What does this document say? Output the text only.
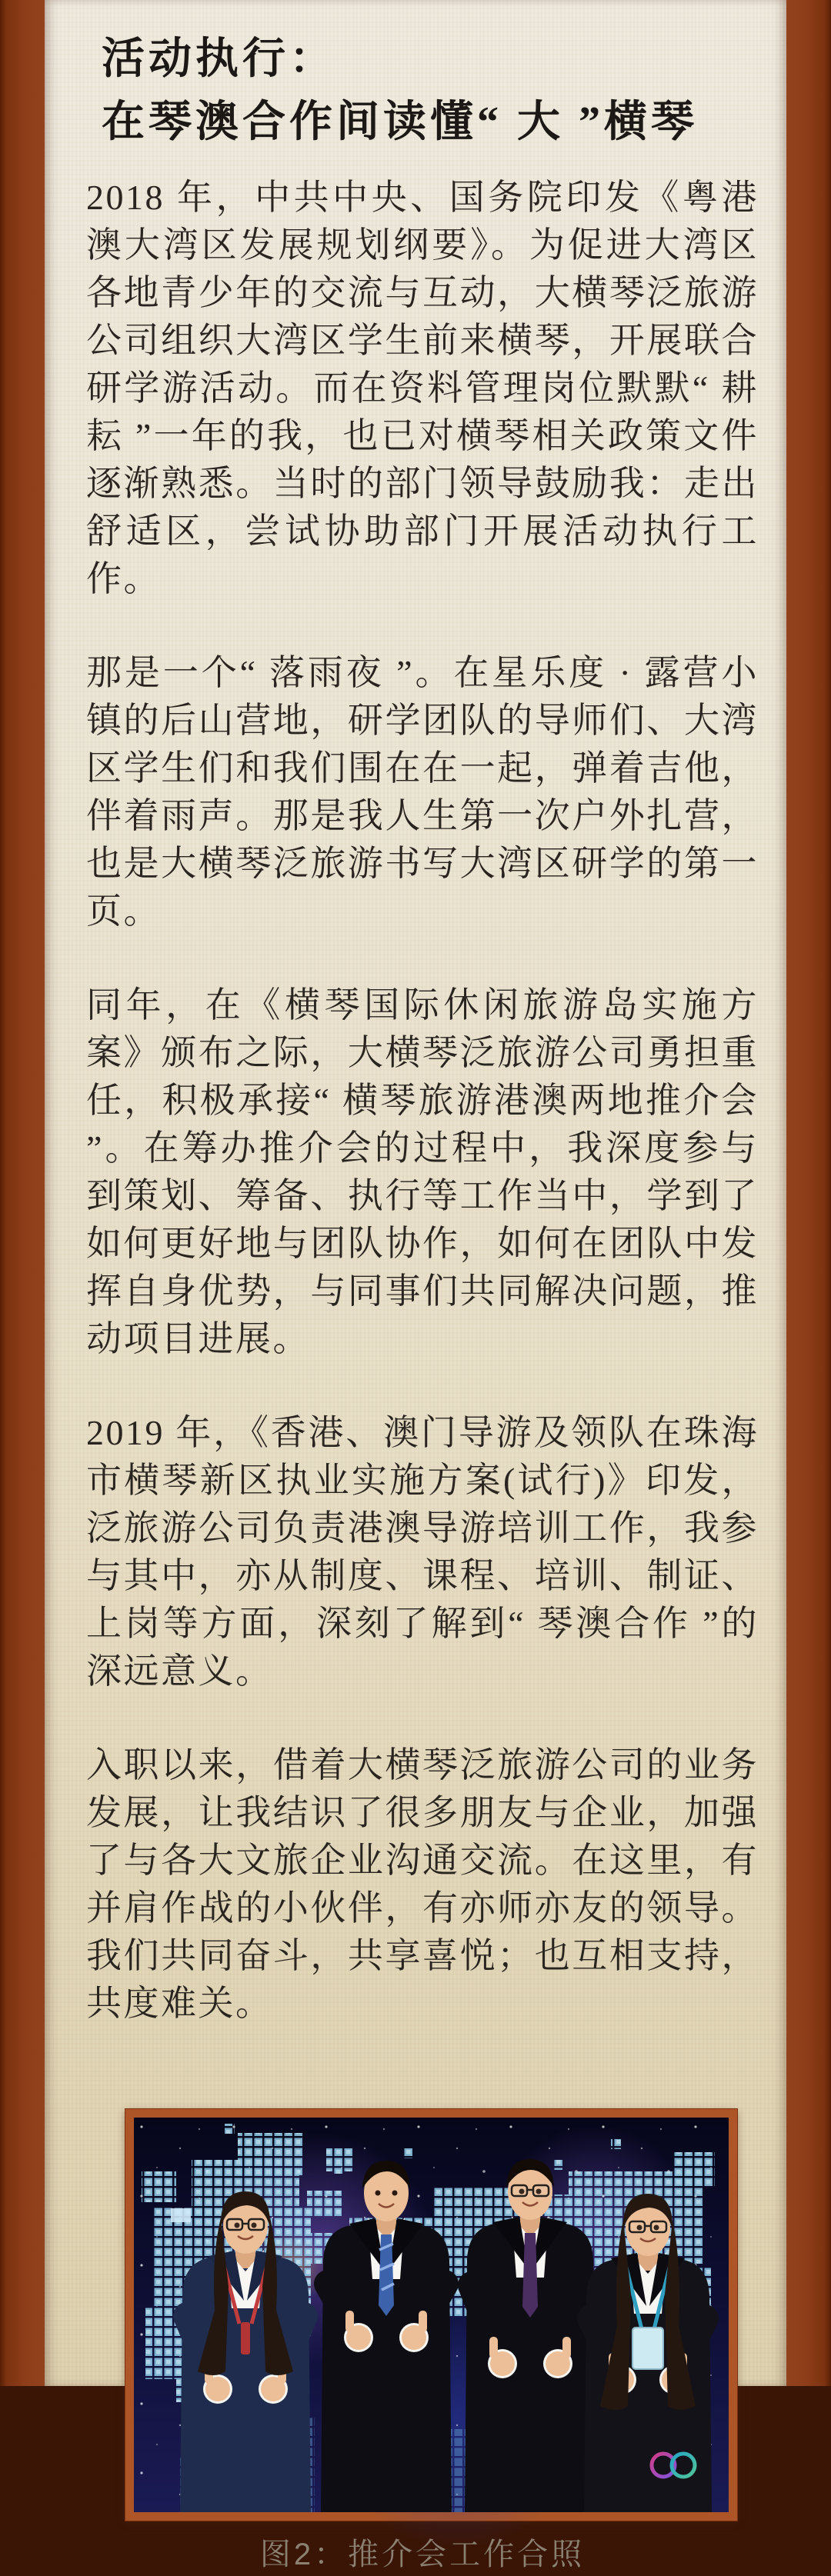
活动执行：
在琴澳合作间读懂“ 大 ”横琴

2018 年，中共中央、国务院印发《粤港澳大湾区发展规划纲要》。为促进大湾区各地青少年的交流与互动，大横琴泛旅游公司组织大湾区学生前来横琴，开展联合研学游活动。而在资料管理岗位默默“ 耕耘 ”一年的我，也已对横琴相关政策文件逐渐熟悉。当时的部门领导鼓励我：走出舒适区，尝试协助部门开展活动执行工作。

那是一个“ 落雨夜 ”。在星乐度 · 露营小镇的后山营地，研学团队的导师们、大湾区学生们和我们围在在一起，弹着吉他，伴着雨声。那是我人生第一次户外扎营，也是大横琴泛旅游书写大湾区研学的第一页。

同年，在《横琴国际休闲旅游岛实施方案》颁布之际，大横琴泛旅游公司勇担重任，积极承接“ 横琴旅游港澳两地推介会 ”。在筹办推介会的过程中，我深度参与到策划、筹备、执行等工作当中，学到了如何更好地与团队协作，如何在团队中发挥自身优势，与同事们共同解决问题，推动项目进展。

2019 年，《香港、澳门导游及领队在珠海市横琴新区执业实施方案(试行)》印发，泛旅游公司负责港澳导游培训工作，我参与其中，亦从制度、课程、培训、制证、上岗等方面，深刻了解到“ 琴澳合作 ”的深远意义。

入职以来，借着大横琴泛旅游公司的业务发展，让我结识了很多朋友与企业，加强了与各大文旅企业沟通交流。在这里，有并肩作战的小伙伴，有亦师亦友的领导。我们共同奋斗，共享喜悦；也互相支持，共度难关。

图2：推介会工作合照
